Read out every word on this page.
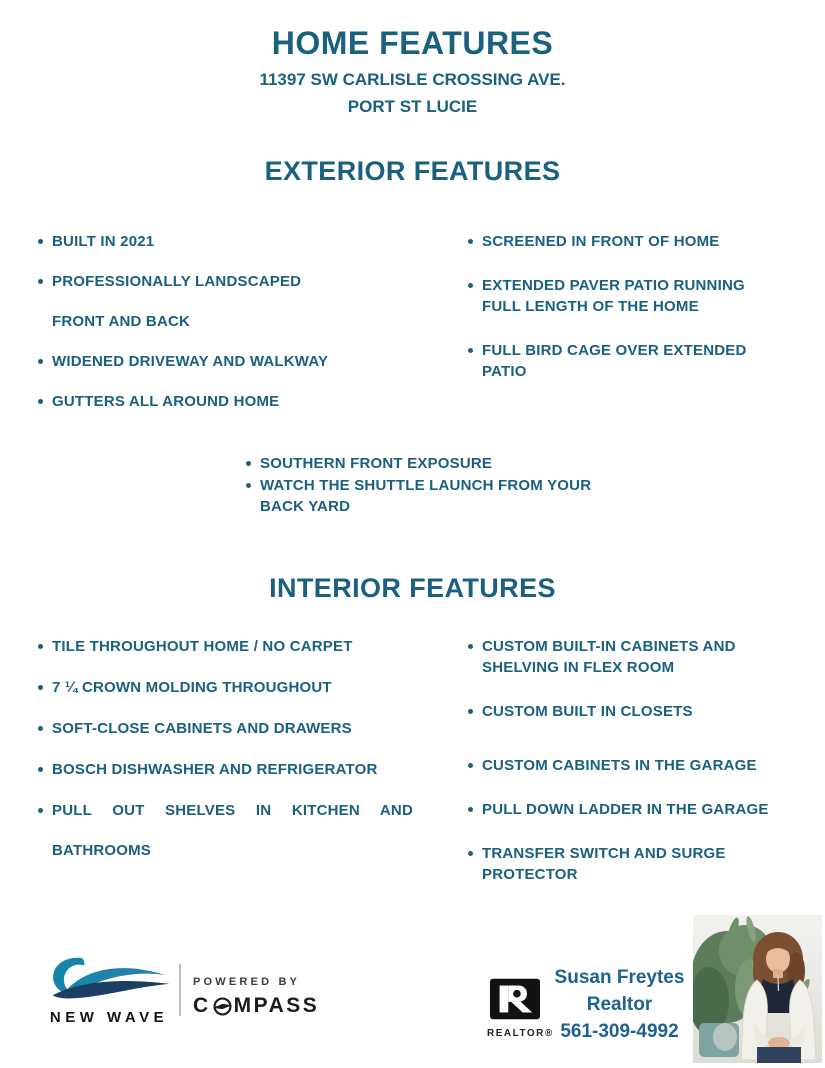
HOME FEATURES
11397 SW CARLISLE CROSSING AVE.
PORT ST LUCIE
EXTERIOR FEATURES
BUILT IN 2021
PROFESSIONALLY LANDSCAPED
FRONT AND BACK
WIDENED DRIVEWAY AND WALKWAY
GUTTERS ALL AROUND HOME
SCREENED IN FRONT OF HOME
EXTENDED PAVER PATIO RUNNING
FULL LENGTH OF THE HOME
FULL BIRD CAGE OVER EXTENDED
PATIO
SOUTHERN FRONT EXPOSURE
WATCH THE SHUTTLE LAUNCH FROM YOUR
BACK YARD
INTERIOR FEATURES
TILE THROUGHOUT HOME / NO CARPET
7 ¼ CROWN MOLDING THROUGHOUT
SOFT-CLOSE CABINETS AND DRAWERS
BOSCH DISHWASHER AND REFRIGERATOR
PULL OUT SHELVES IN KITCHEN AND
BATHROOMS
CUSTOM BUILT-IN CABINETS AND
SHELVING IN FLEX ROOM
CUSTOM BUILT IN CLOSETS
CUSTOM CABINETS IN THE GARAGE
PULL DOWN LADDER IN THE GARAGE
TRANSFER SWITCH AND SURGE
PROTECTOR
NEW WAVE
POWERED BY
C MPASS
REALTOR®
Susan Freytes
Realtor
561-309-4992
